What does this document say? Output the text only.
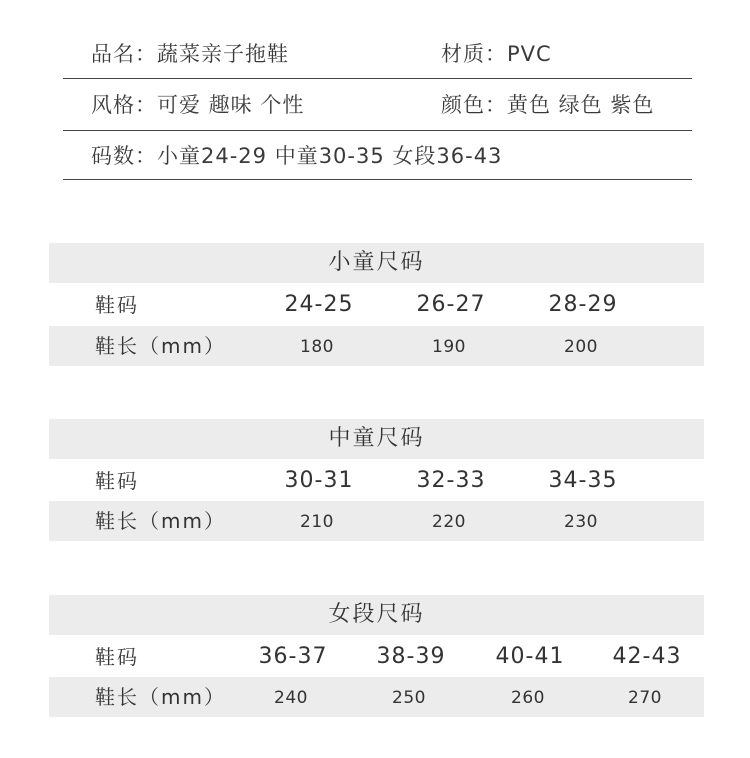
品名：蔬菜亲子拖鞋	材质：PVC
风格：可爱 趣味 个性	颜色：黄色 绿色 紫色
码数：小童24-29 中童30-35 女段36-43
小童尺码
鞋码	24-25	26-27	28-29
鞋长（mm）	180	190	200
中童尺码
鞋码	30-31	32-33	34-35
鞋长（mm）	210	220	230
女段尺码
鞋码	36-37	38-39	40-41	42-43
鞋长（mm）	240	250	260	270
